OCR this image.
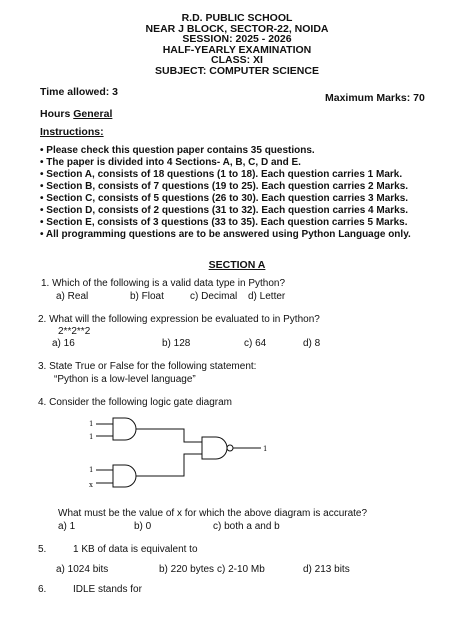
R.D. PUBLIC SCHOOL
NEAR J BLOCK, SECTOR-22, NOIDA
SESSION: 2025 - 2026
HALF-YEARLY EXAMINATION
CLASS: XI
SUBJECT: COMPUTER SCIENCE
Time allowed: 3	Maximum Marks: 70
Hours General
Instructions:
• Please check this question paper contains 35 questions.
• The paper is divided into 4 Sections- A, B, C, D and E.
• Section A, consists of 18 questions (1 to 18). Each question carries 1 Mark.
• Section B, consists of 7 questions (19 to 25). Each question carries 2 Marks.
• Section C, consists of 5 questions (26 to 30). Each question carries 3 Marks.
• Section D, consists of 2 questions (31 to 32). Each question carries 4 Marks.
• Section E, consists of 3 questions (33 to 35). Each question carries 5 Marks.
• All programming questions are to be answered using Python Language only.
SECTION A
1. Which of the following is a valid data type in Python?
a) Real	b) Float	c) Decimal d) Letter
2. What will the following expression be evaluated to in Python?
2**2**2
a) 16	b) 128	c) 64	d) 8
3. State True or False for the following statement:
“Python is a low-level language”
4. Consider the following logic gate diagram
1
1
1
x
1
What must be the value of x for which the above diagram is accurate?
a) 1	b) 0	c) both a and b
5.	1 KB of data is equivalent to
a) 1024 bits	b) 220 bytes c) 2-10 Mb	d) 213 bits
6.	IDLE stands for
